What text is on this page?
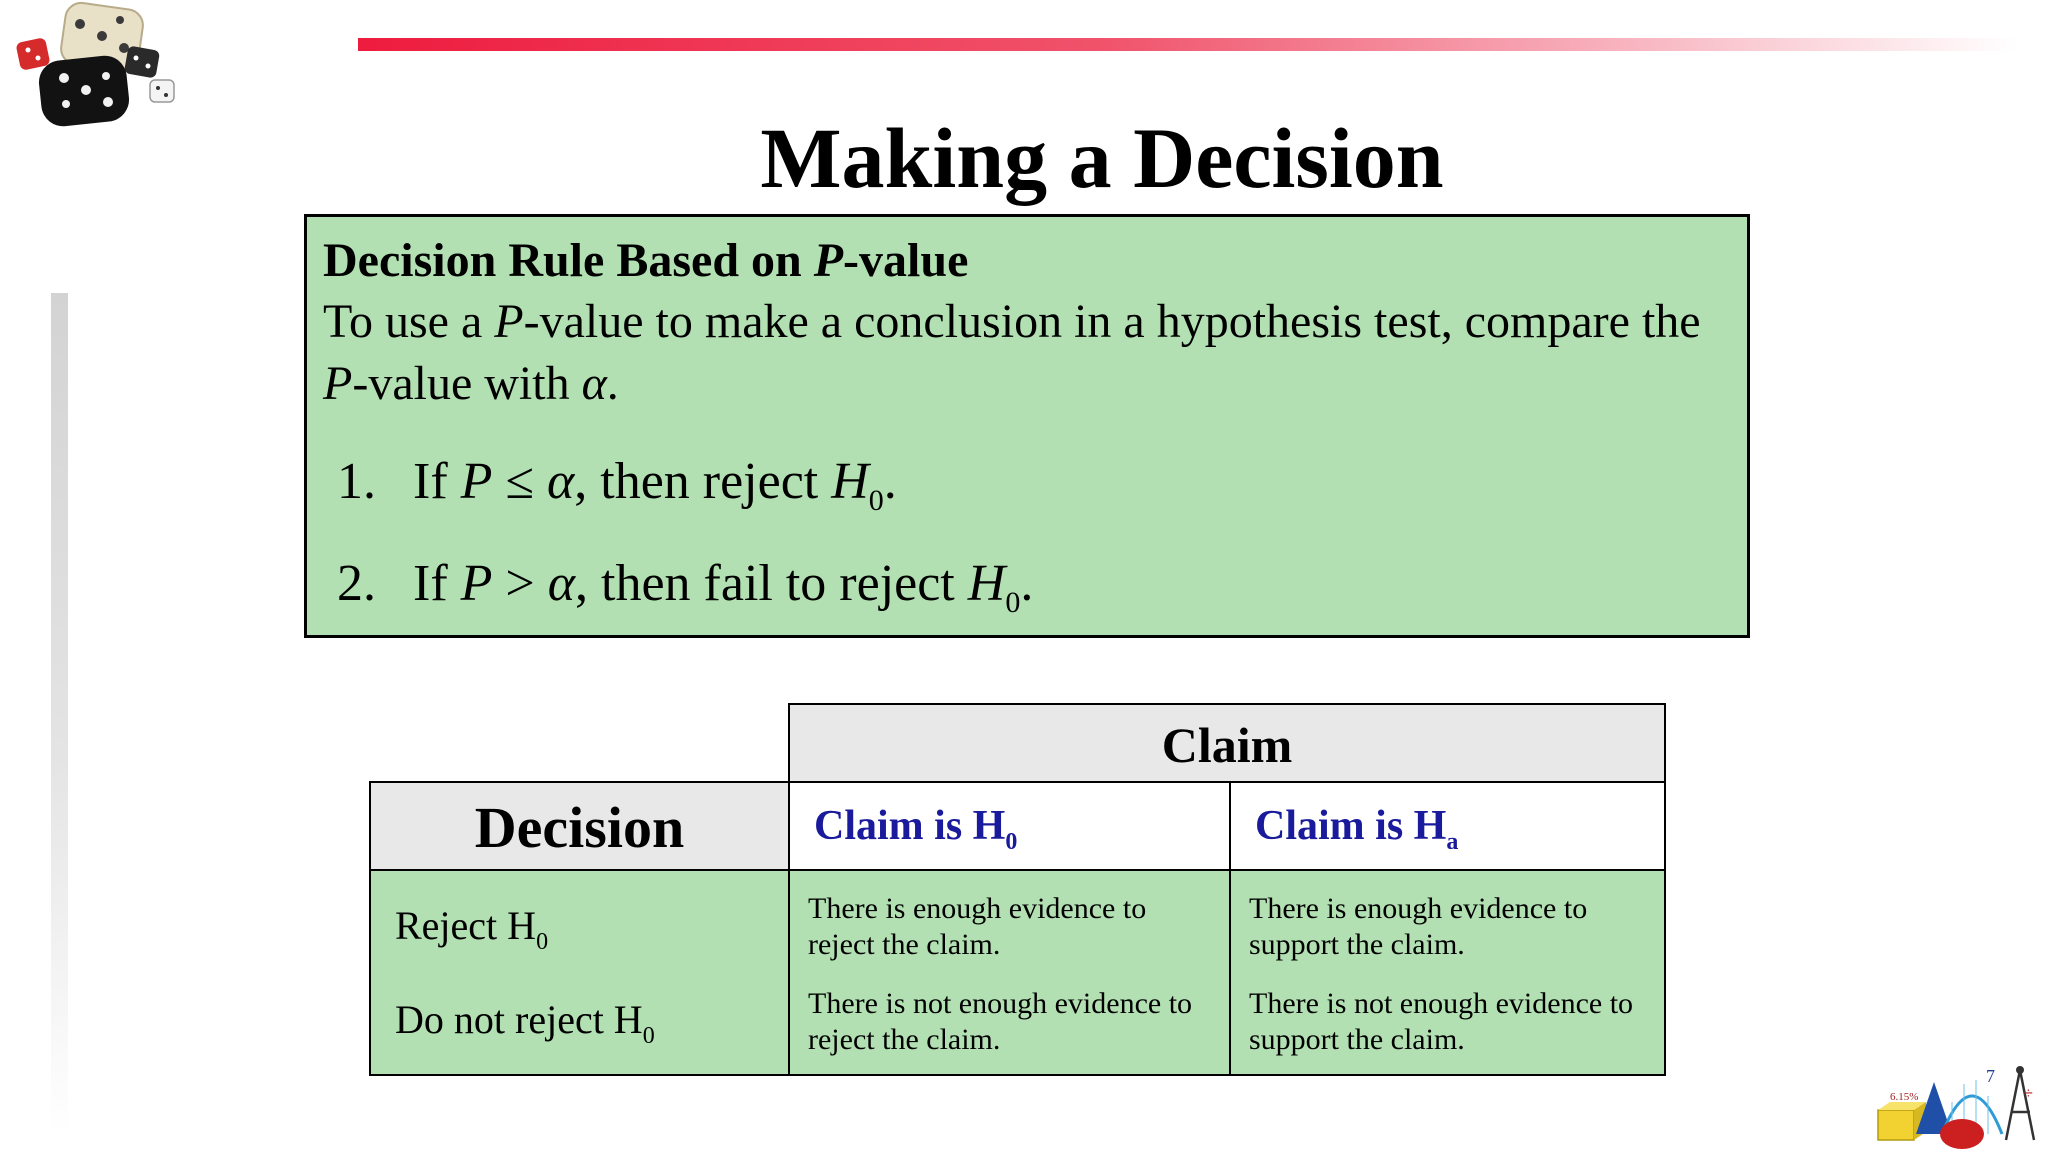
Making a Decision
Decision Rule Based on P-value
To use a P-value to make a conclusion in a hypothesis test, compare the P-value with α.
1. If P ≤ α, then reject $H_0$.
2. If P > α, then fail to reject $H_0$.
Claim
Decision	Claim is $H_0$	Claim is $H_a$
Reject $H_0$
Do not reject $H_0$
There is enough evidence to reject the claim.
There is not enough evidence to reject the claim.
There is enough evidence to support the claim.
There is not enough evidence to support the claim.
6.15%
7
÷
